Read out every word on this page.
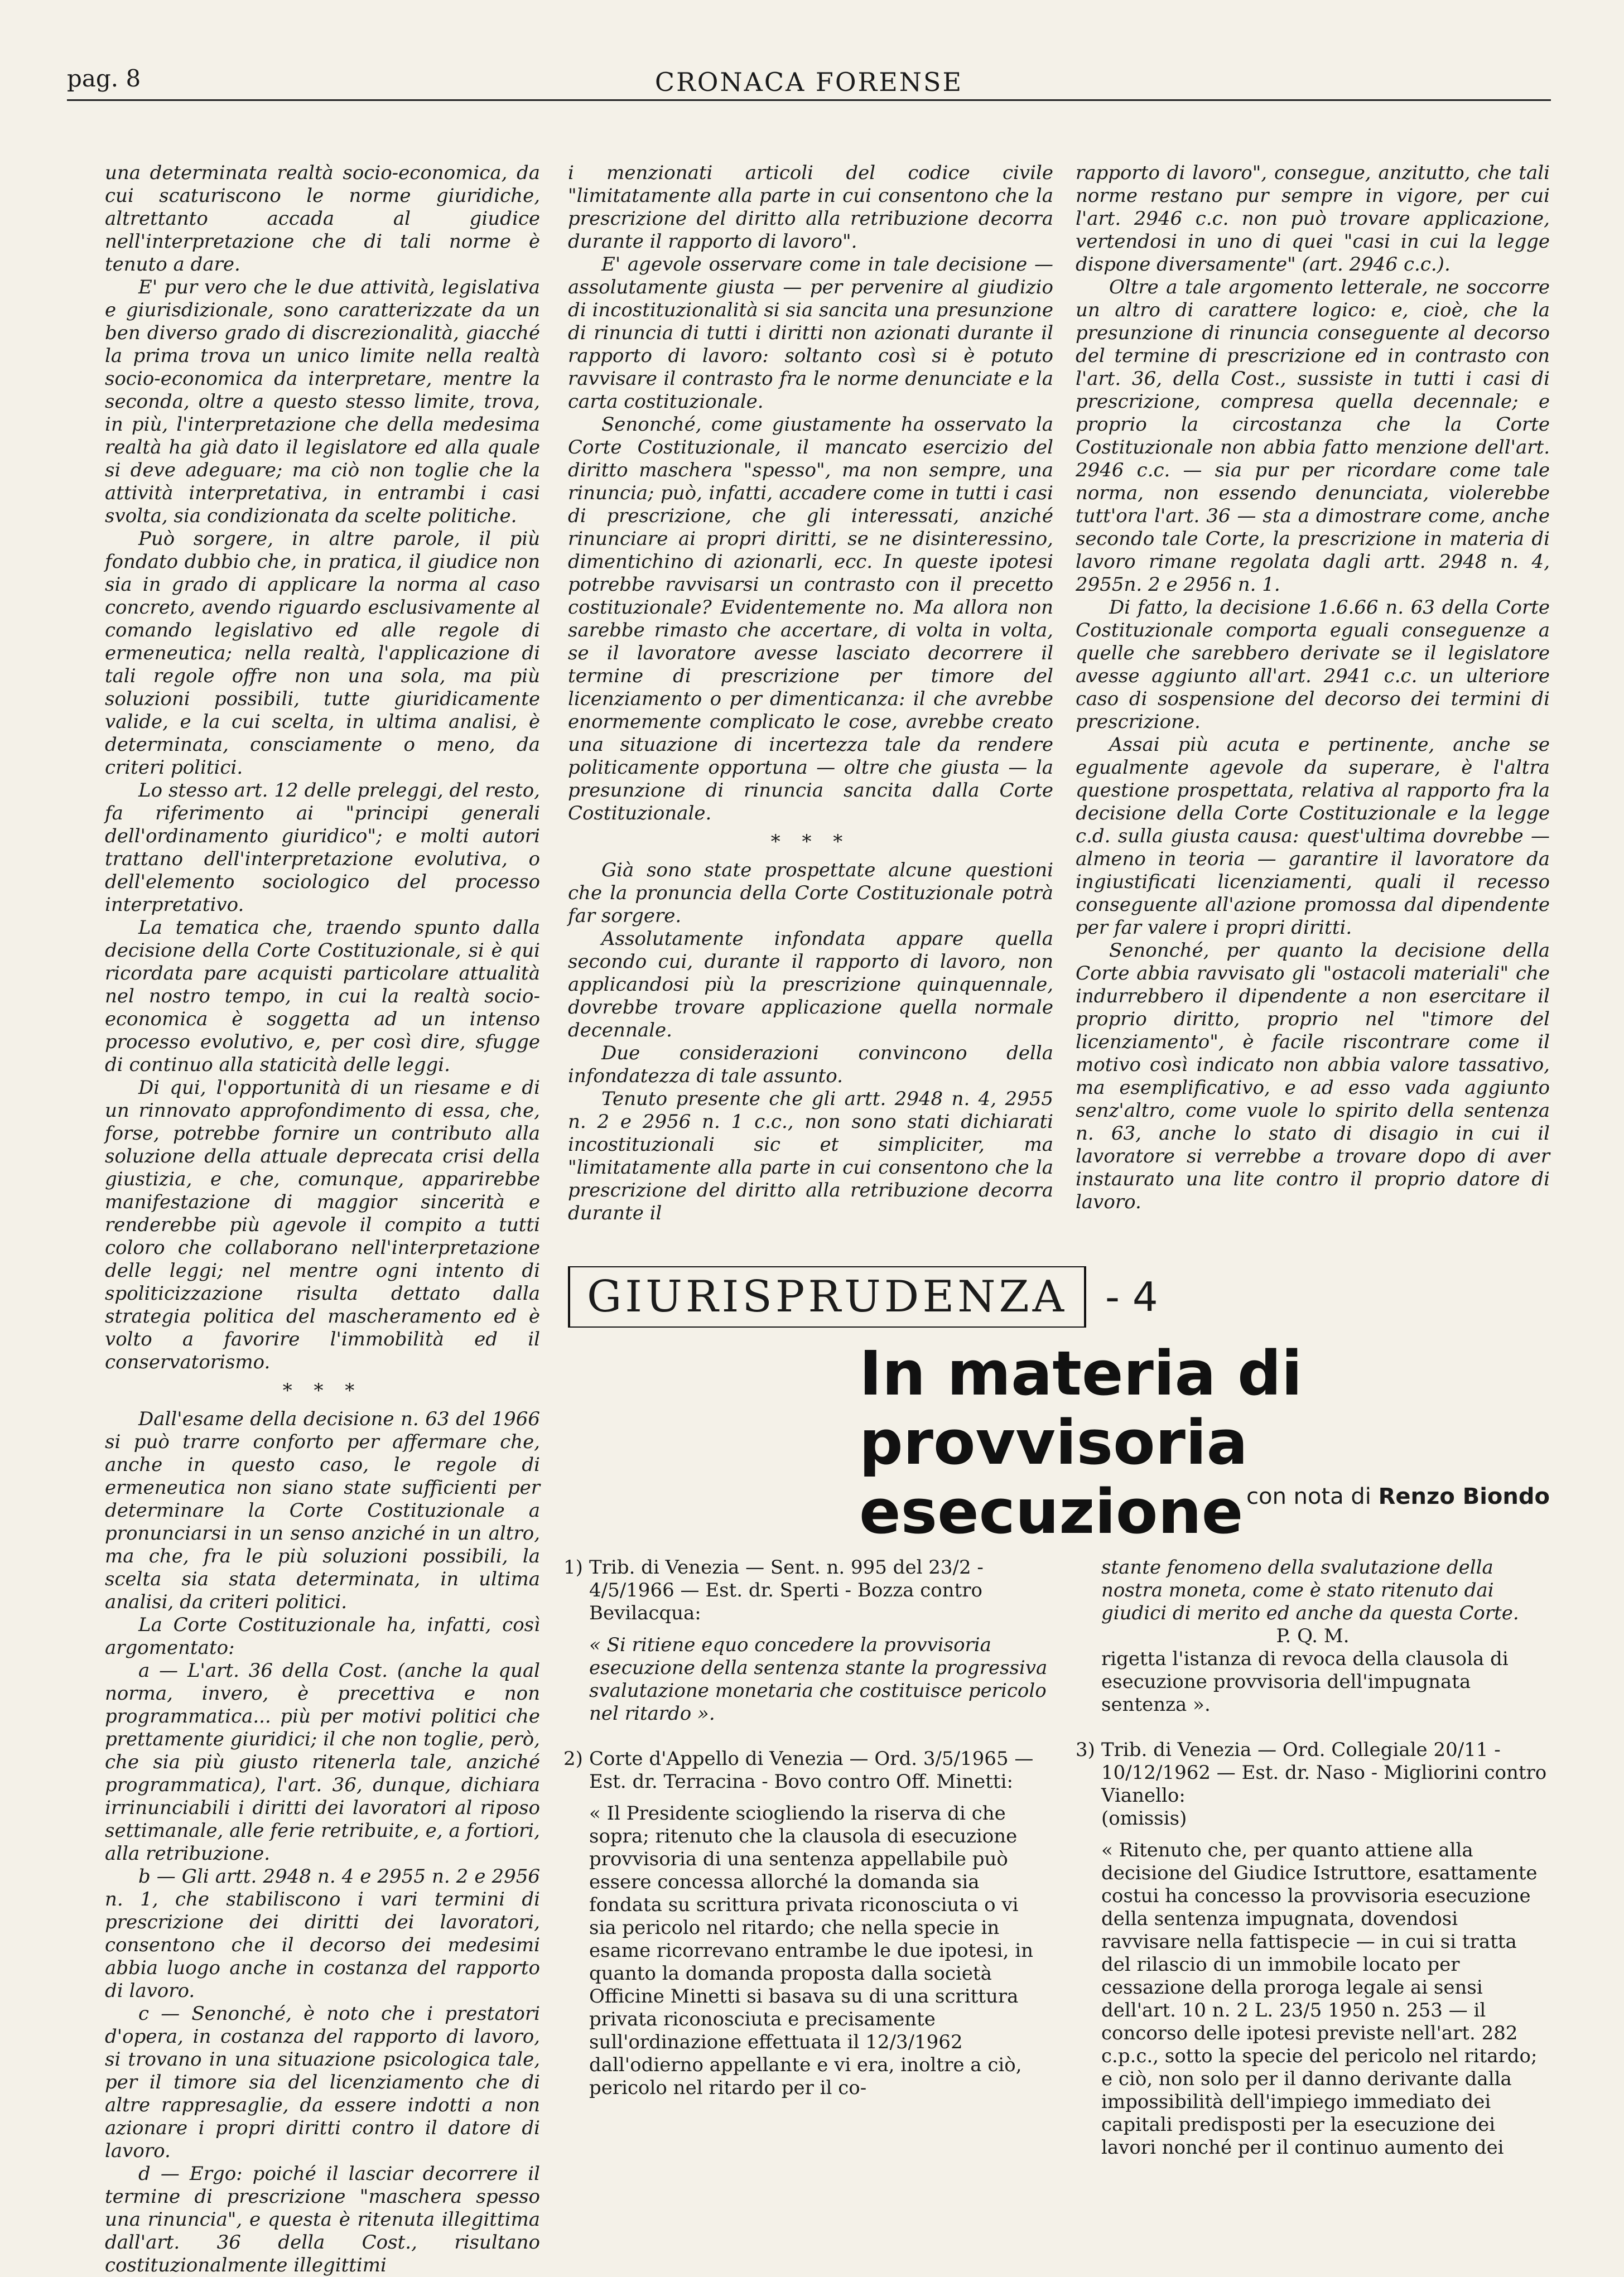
pag. 8	CRONACA FORENSE

una determinata realtà socio-economica, da cui scaturiscono le norme giuridiche, altrettanto accada al giudice nell'interpretazione che di tali norme è tenuto a dare.

E' pur vero che le due attività, legislativa e giurisdizionale, sono caratterizzate da un ben diverso grado di discrezionalità, giacché la prima trova un unico limite nella realtà socio-economica da interpretare, mentre la seconda, oltre a questo stesso limite, trova, in più, l'interpretazione che della medesima realtà ha già dato il legislatore ed alla quale si deve adeguare; ma ciò non toglie che la attività interpretativa, in entrambi i casi svolta, sia condizionata da scelte politiche.

Può sorgere, in altre parole, il più fondato dubbio che, in pratica, il giudice non sia in grado di applicare la norma al caso concreto, avendo riguardo esclusivamente al comando legislativo ed alle regole di ermeneutica; nella realtà, l'applicazione di tali regole offre non una sola, ma più soluzioni possibili, tutte giuridicamente valide, e la cui scelta, in ultima analisi, è determinata, consciamente o meno, da criteri politici.

Lo stesso art. 12 delle preleggi, del resto, fa riferimento ai "principi generali dell'ordinamento giuridico"; e molti autori trattano dell'interpretazione evolutiva, o dell'elemento sociologico del processo interpretativo.

La tematica che, traendo spunto dalla decisione della Corte Costituzionale, si è qui ricordata pare acquisti particolare attualità nel nostro tempo, in cui la realtà socio-economica è soggetta ad un intenso processo evolutivo, e, per così dire, sfugge di continuo alla staticità delle leggi.

Di qui, l'opportunità di un riesame e di un rinnovato approfondimento di essa, che, forse, potrebbe fornire un contributo alla soluzione della attuale deprecata crisi della giustizia, e che, comunque, apparirebbe manifestazione di maggior sincerità e renderebbe più agevole il compito a tutti coloro che collaborano nell'interpretazione delle leggi; nel mentre ogni intento di spoliticizzazione risulta dettato dalla strategia politica del mascheramento ed è volto a favorire l'immobilità ed il conservatorismo.

* * *

Dall'esame della decisione n. 63 del 1966 si può trarre conforto per affermare che, anche in questo caso, le regole di ermeneutica non siano state sufficienti per determinare la Corte Costituzionale a pronunciarsi in un senso anziché in un altro, ma che, fra le più soluzioni possibili, la scelta sia stata determinata, in ultima analisi, da criteri politici.

La Corte Costituzionale ha, infatti, così argomentato:

a — L'art. 36 della Cost. (anche la qual norma, invero, è precettiva e non programmatica... più per motivi politici che prettamente giuridici; il che non toglie, però, che sia più giusto ritenerla tale, anziché programmatica), l'art. 36, dunque, dichiara irrinunciabili i diritti dei lavoratori al riposo settimanale, alle ferie retribuite, e, a fortiori, alla retribuzione.

b — Gli artt. 2948 n. 4 e 2955 n. 2 e 2956 n. 1, che stabiliscono i vari termini di prescrizione dei diritti dei lavoratori, consentono che il decorso dei medesimi abbia luogo anche in costanza del rapporto di lavoro.

c — Senonché, è noto che i prestatori d'opera, in costanza del rapporto di lavoro, si trovano in una situazione psicologica tale, per il timore sia del licenziamento che di altre rappresaglie, da essere indotti a non azionare i propri diritti contro il datore di lavoro.

d — Ergo: poiché il lasciar decorrere il termine di prescrizione "maschera spesso una rinuncia", e questa è ritenuta illegittima dall'art. 36 della Cost., risultano costituzionalmente illegittimi

i menzionati articoli del codice civile "limitatamente alla parte in cui consentono che la prescrizione del diritto alla retribuzione decorra durante il rapporto di lavoro".

E' agevole osservare come in tale decisione — assolutamente giusta — per pervenire al giudizio di incostituzionalità si sia sancita una presunzione di rinuncia di tutti i diritti non azionati durante il rapporto di lavoro: soltanto così si è potuto ravvisare il contrasto fra le norme denunciate e la carta costituzionale.

Senonché, come giustamente ha osservato la Corte Costituzionale, il mancato esercizio del diritto maschera "spesso", ma non sempre, una rinuncia; può, infatti, accadere come in tutti i casi di prescrizione, che gli interessati, anziché rinunciare ai propri diritti, se ne disinteressino, dimentichino di azionarli, ecc. In queste ipotesi potrebbe ravvisarsi un contrasto con il precetto costituzionale? Evidentemente no. Ma allora non sarebbe rimasto che accertare, di volta in volta, se il lavoratore avesse lasciato decorrere il termine di prescrizione per timore del licenziamento o per dimenticanza: il che avrebbe enormemente complicato le cose, avrebbe creato una situazione di incertezza tale da rendere politicamente opportuna — oltre che giusta — la presunzione di rinuncia sancita dalla Corte Costituzionale.

* * *

Già sono state prospettate alcune questioni che la pronuncia della Corte Costituzionale potrà far sorgere.

Assolutamente infondata appare quella secondo cui, durante il rapporto di lavoro, non applicandosi più la prescrizione quinquennale, dovrebbe trovare applicazione quella normale decennale.

Due considerazioni convincono della infondatezza di tale assunto.

Tenuto presente che gli artt. 2948 n. 4, 2955 n. 2 e 2956 n. 1 c.c., non sono stati dichiarati incostituzionali sic et simpliciter, ma "limitatamente alla parte in cui consentono che la prescrizione del diritto alla retribuzione decorra durante il

rapporto di lavoro", consegue, anzitutto, che tali norme restano pur sempre in vigore, per cui l'art. 2946 c.c. non può trovare applicazione, vertendosi in uno di quei "casi in cui la legge dispone diversamente" (art. 2946 c.c.).

Oltre a tale argomento letterale, ne soccorre un altro di carattere logico: e, cioè, che la presunzione di rinuncia conseguente al decorso del termine di prescrizione ed in contrasto con l'art. 36, della Cost., sussiste in tutti i casi di prescrizione, compresa quella decennale; e proprio la circostanza che la Corte Costituzionale non abbia fatto menzione dell'art. 2946 c.c. — sia pur per ricordare come tale norma, non essendo denunciata, violerebbe tutt'ora l'art. 36 — sta a dimostrare come, anche secondo tale Corte, la prescrizione in materia di lavoro rimane regolata dagli artt. 2948 n. 4, 2955n. 2 e 2956 n. 1.

Di fatto, la decisione 1.6.66 n. 63 della Corte Costituzionale comporta eguali conseguenze a quelle che sarebbero derivate se il legislatore avesse aggiunto all'art. 2941 c.c. un ulteriore caso di sospensione del decorso dei termini di prescrizione.

Assai più acuta e pertinente, anche se egualmente agevole da superare, è l'altra questione prospettata, relativa al rapporto fra la decisione della Corte Costituzionale e la legge c.d. sulla giusta causa: quest'ultima dovrebbe — almeno in teoria — garantire il lavoratore da ingiustificati licenziamenti, quali il recesso conseguente all'azione promossa dal dipendente per far valere i propri diritti.

Senonché, per quanto la decisione della Corte abbia ravvisato gli "ostacoli materiali" che indurrebbero il dipendente a non esercitare il proprio diritto, proprio nel "timore del licenziamento", è facile riscontrare come il motivo così indicato non abbia valore tassativo, ma esemplificativo, e ad esso vada aggiunto senz'altro, come vuole lo spirito della sentenza n. 63, anche lo stato di disagio in cui il lavoratore si verrebbe a trovare dopo di aver instaurato una lite contro il proprio datore di lavoro.

GIURISPRUDENZA - 4
In materia di
provvisoria esecuzione con nota di Renzo Biondo
1) Trib. di Venezia — Sent. n. 995 del 23/2 - 4/5/1966 — Est. dr. Sperti - Bozza contro Bevilacqua:

« Si ritiene equo concedere la provvisoria esecuzione della sentenza stante la progressiva svalutazione monetaria che costituisce pericolo nel ritardo ».

2) Corte d'Appello di Venezia — Ord. 3/5/1965 — Est. dr. Terracina - Bovo contro Off. Minetti:

« Il Presidente sciogliendo la riserva di che sopra; ritenuto che la clausola di esecuzione provvisoria di una sentenza appellabile può essere concessa allorché la domanda sia fondata su scrittura privata riconosciuta o vi sia pericolo nel ritardo; che nella specie in esame ricorrevano entrambe le due ipotesi, in quanto la domanda proposta dalla società Officine Minetti si basava su di una scrittura privata riconosciuta e precisamente sull'ordinazione effettuata il 12/3/1962 dall'odierno appellante e vi era, inoltre a ciò, pericolo nel ritardo per il co-

stante fenomeno della svalutazione della nostra moneta, come è stato ritenuto dai giudici di merito ed anche da questa Corte.

P. Q. M.

rigetta l'istanza di revoca della clausola di esecuzione provvisoria dell'impugnata sentenza ».

3) Trib. di Venezia — Ord. Collegiale 20/11 - 10/12/1962 — Est. dr. Naso - Migliorini contro Vianello:

(omissis)

« Ritenuto che, per quanto attiene alla decisione del Giudice Istruttore, esattamente costui ha concesso la provvisoria esecuzione della sentenza impugnata, dovendosi ravvisare nella fattispecie — in cui si tratta del rilascio di un immobile locato per cessazione della proroga legale ai sensi dell'art. 10 n. 2 L. 23/5 1950 n. 253 — il concorso delle ipotesi previste nell'art. 282 c.p.c., sotto la specie del pericolo nel ritardo; e ciò, non solo per il danno derivante dalla impossibilità dell'impiego immediato dei capitali predisposti per la esecuzione dei lavori nonché per il continuo aumento dei
